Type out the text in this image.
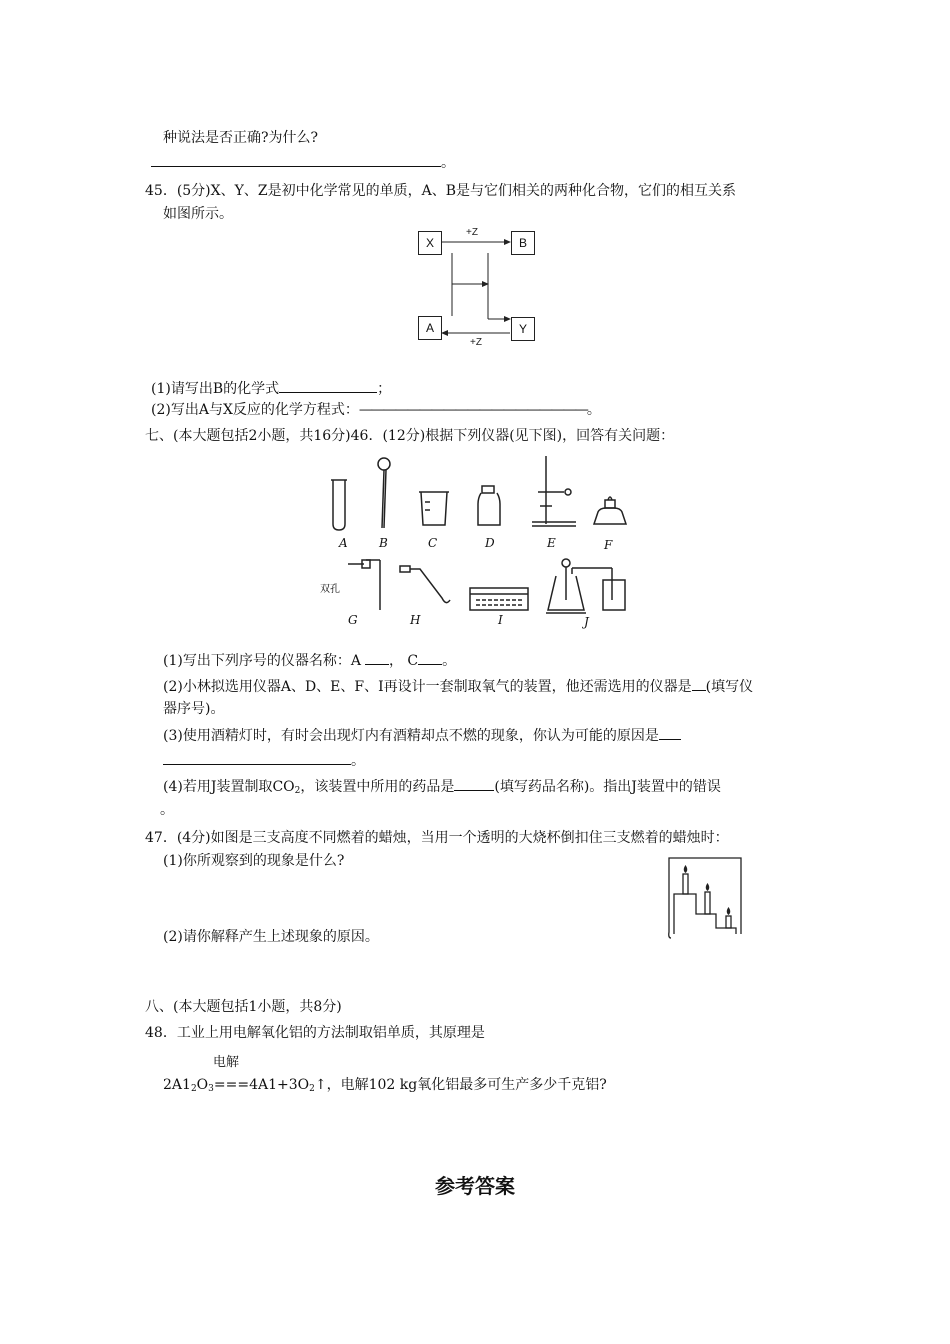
种说法是否正确?为什么?
。
45．(5分)X、Y、Z是初中化学常见的单质，A、B是与它们相关的两种化合物，它们的相互关系
如图所示。
+Z
+Z
X	B
A	Y
(1)请写出B的化学式	；
(2)写出A与X反应的化学方程式：———————————————————。
七、(本大题包括2小题，共16分)46．(12分)根据下列仪器(见下图)，回答有关问题：
A	B	C	D	E	F
G	H	I	J
双孔
(1)写出下列序号的仪器名称：A ， C 。
(2)小林拟选用仪器A、D、E、F、I再设计一套制取氧气的装置，他还需选用的仪器是 (填写仪
器序号)。
(3)使用酒精灯时，有时会出现灯内有酒精却点不燃的现象，你认为可能的原因是
。
(4)若用J装置制取$CO_2$，该装置中所用的药品是	(填写药品名称)。指出J装置中的错误
。
47．(4分)如图是三支高度不同燃着的蜡烛，当用一个透明的大烧杯倒扣住三支燃着的蜡烛时：
(1)你所观察到的现象是什么?
(2)请你解释产生上述现象的原因。
八、(本大题包括1小题，共8分)
48．工业上用电解氧化铝的方法制取铝单质，其原理是
电解
$2A1_2O_3===4A1+3O_2↑$，电解102 kg氧化铝最多可生产多少千克铝?
参考答案
